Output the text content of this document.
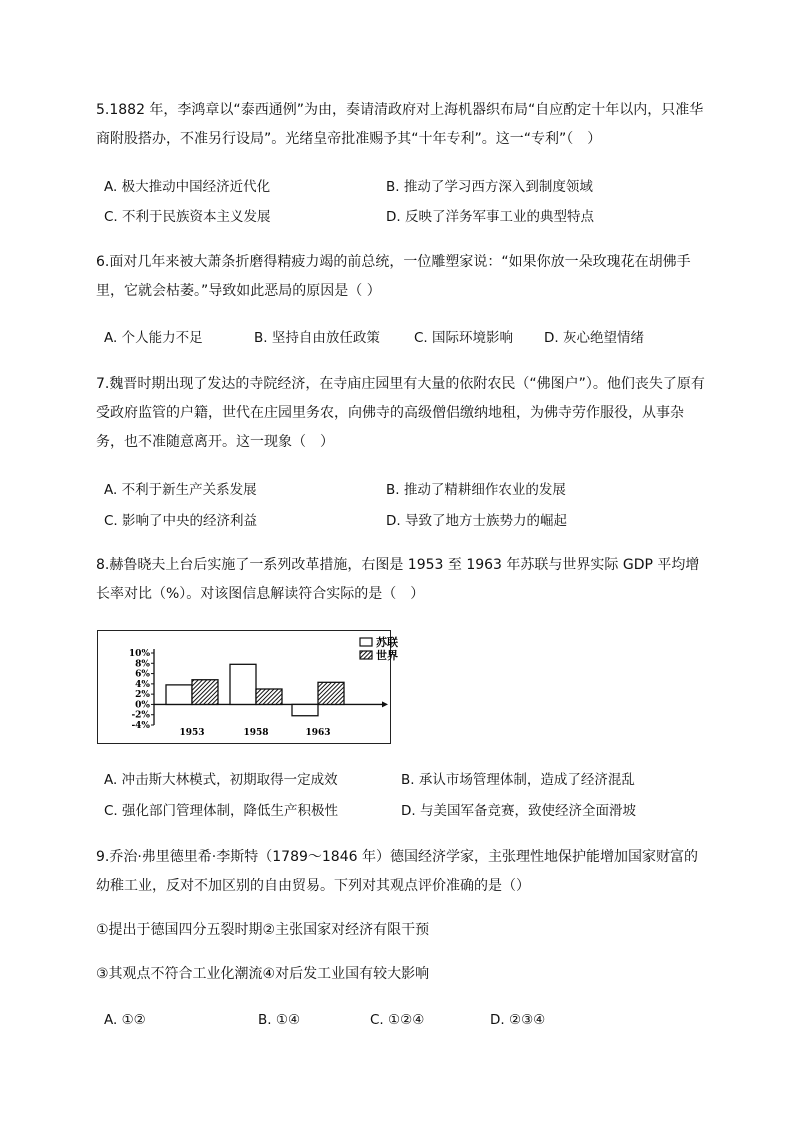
5.1882 年，李鸿章以“泰西通例”为由，奏请清政府对上海机器织布局“自应酌定十年以内，只准华商附股搭办，不准另行设局”。光绪皇帝批准赐予其“十年专利”。这一“专利”（　）
A. 极大推动中国经济近代化	B. 推动了学习西方深入到制度领域
C. 不利于民族资本主义发展	D. 反映了洋务军事工业的典型特点
6.面对几年来被大萧条折磨得精疲力竭的前总统，一位雕塑家说：“如果你放一朵玫瑰花在胡佛手里，它就会枯萎。”导致如此恶局的原因是（ ）
A. 个人能力不足	B. 坚持自由放任政策	C. 国际环境影响 D. 灰心绝望情绪
7.魏晋时期出现了发达的寺院经济，在寺庙庄园里有大量的依附农民（“佛图户”）。他们丧失了原有受政府监管的户籍，世代在庄园里务农，向佛寺的高级僧侣缴纳地租，为佛寺劳作服役，从事杂务，也不准随意离开。这一现象（　）
A. 不利于新生产关系发展	B. 推动了精耕细作农业的发展
C. 影响了中央的经济利益	D. 导致了地方士族势力的崛起
8.赫鲁晓夫上台后实施了一系列改革措施，右图是 1953 至 1963 年苏联与世界实际 GDP 平均增长率对比（%）。对该图信息解读符合实际的是（　）
10%
8%
6%
4%
2%
0%
-2%
-4%
1953	1958	1963
苏联
世界
A. 冲击斯大林模式，初期取得一定成效	B. 承认市场管理体制，造成了经济混乱
C. 强化部门管理体制，降低生产积极性	D. 与美国军备竞赛，致使经济全面滑坡
9.乔治·弗里德里希·李斯特（1789～1846 年）德国经济学家，主张理性地保护能增加国家财富的幼稚工业，反对不加区别的自由贸易。下列对其观点评价准确的是（）
①提出于德国四分五裂时期②主张国家对经济有限干预
③其观点不符合工业化潮流④对后发工业国有较大影响
A. ①②	B. ①④	C. ①②④	D. ②③④
